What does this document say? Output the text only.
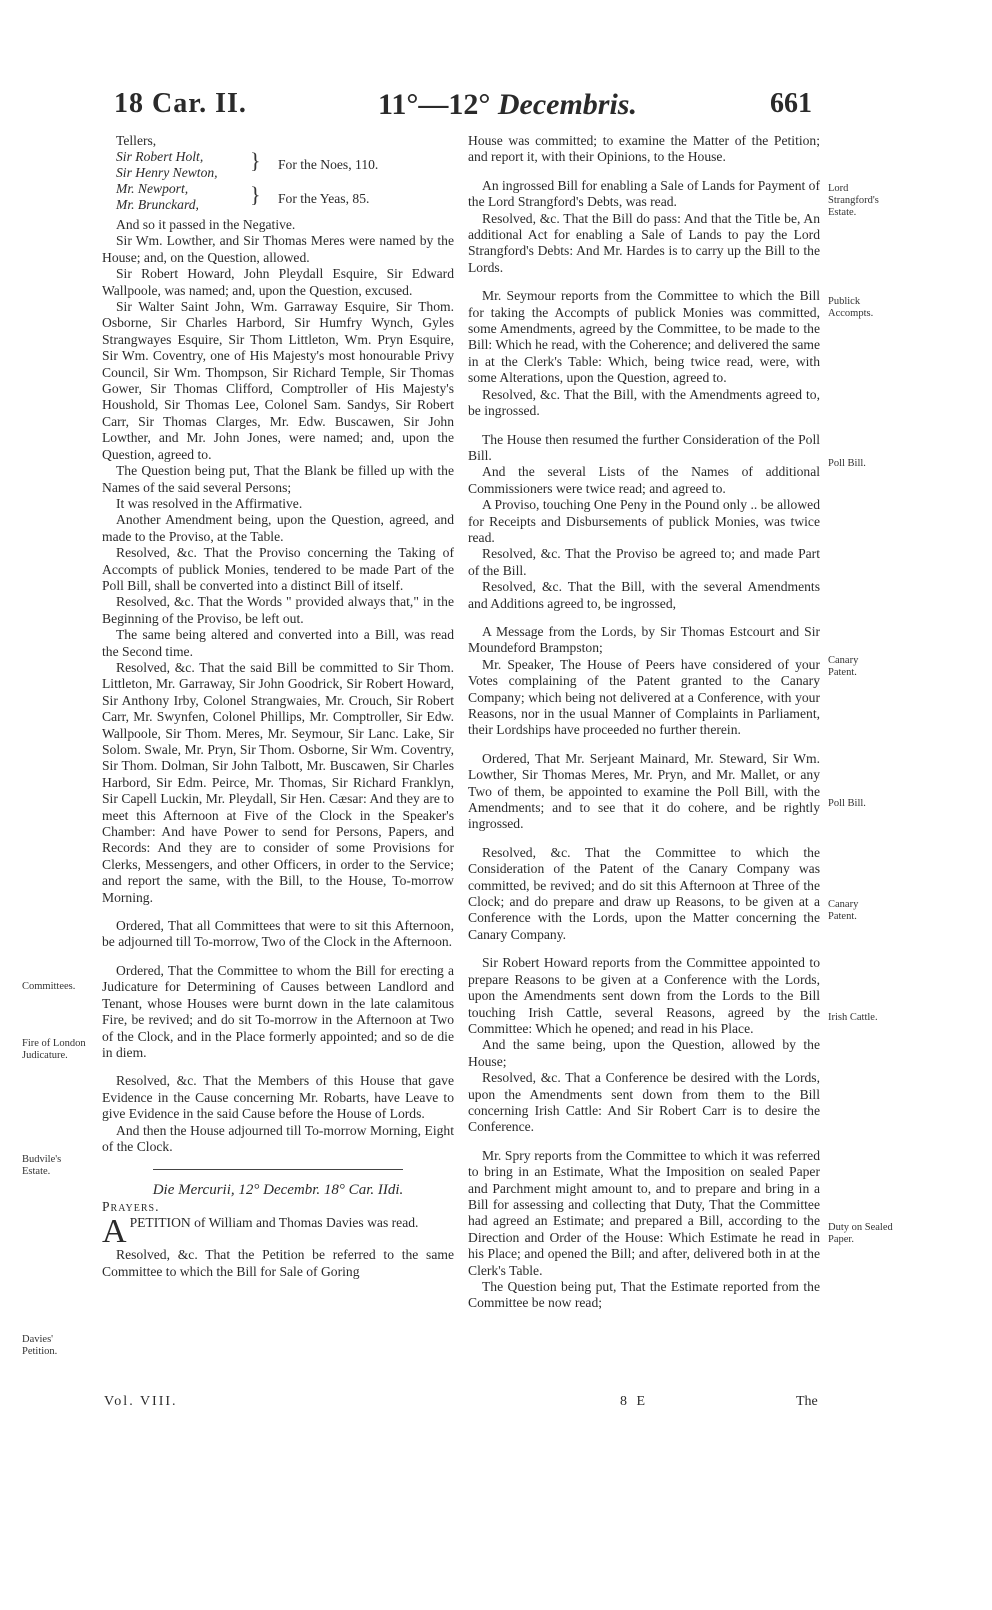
18 Car. II.	11°—12° Decembris.	661
Tellers,
Sir Robert Holt,
Sir Henry Newton, } For the Noes, 110.
Mr. Newport,
Mr. Brunckard, } For the Yeas, 85.

And so it passed in the Negative.

Sir Wm. Lowther, and Sir Thomas Meres were named by the House; and, on the Question, allowed.

Sir Robert Howard, John Pleydall Esquire, Sir Edward Wallpoole, was named; and, upon the Question, excused.

Sir Walter Saint John, Wm. Garraway Esquire, Sir Thom. Osborne, Sir Charles Harbord, Sir Humfry Wynch, Gyles Strangwayes Esquire, Sir Thom Littleton, Wm. Pryn Esquire, Sir Wm. Coventry, one of His Majesty's most honourable Privy Council, Sir Wm. Thompson, Sir Richard Temple, Sir Thomas Gower, Sir Thomas Clifford, Comptroller of His Majesty's Houshold, Sir Thomas Lee, Colonel Sam. Sandys, Sir Robert Carr, Sir Thomas Clarges, Mr. Edw. Buscawen, Sir John Lowther, and Mr. John Jones, were named; and, upon the Question, agreed to.

The Question being put, That the Blank be filled up with the Names of the said several Persons;

It was resolved in the Affirmative.

Another Amendment being, upon the Question, agreed, and made to the Proviso, at the Table.

Resolved, &c. That the Proviso concerning the Taking of Accompts of publick Monies, tendered to be made Part of the Poll Bill, shall be converted into a distinct Bill of itself.

Resolved, &c. That the Words " provided always that," in the Beginning of the Proviso, be left out.

The same being altered and converted into a Bill, was read the Second time.

Resolved, &c. That the said Bill be committed to Sir Thom. Littleton, Mr. Garraway, Sir John Goodrick, Sir Robert Howard, Sir Anthony Irby, Colonel Strangwaies, Mr. Crouch, Sir Robert Carr, Mr. Swynfen, Colonel Phillips, Mr. Comptroller, Sir Edw. Wallpoole, Sir Thom. Meres, Mr. Seymour, Sir Lanc. Lake, Sir Solom. Swale, Mr. Pryn, Sir Thom. Osborne, Sir Wm. Coventry, Sir Thom. Dolman, Sir John Talbott, Mr. Buscawen, Sir Charles Harbord, Sir Edm. Peirce, Mr. Thomas, Sir Richard Franklyn, Sir Capell Luckin, Mr. Pleydall, Sir Hen. Cæsar: And they are to meet this Afternoon at Five of the Clock in the Speaker's Chamber: And have Power to send for Persons, Papers, and Records: And they are to consider of some Provisions for Clerks, Messengers, and other Officers, in order to the Service; and report the same, with the Bill, to the House, To-morrow Morning.

Ordered, That all Committees that were to sit this Afternoon, be adjourned till To-morrow, Two of the Clock in the Afternoon.

Ordered, That the Committee to whom the Bill for erecting a Judicature for Determining of Causes between Landlord and Tenant, whose Houses were burnt down in the late calamitous Fire, be revived; and do sit To-morrow in the Afternoon at Two of the Clock, and in the Place formerly appointed; and so de die in diem.

Resolved, &c. That the Members of this House that gave Evidence in the Cause concerning Mr. Robarts, have Leave to give Evidence in the said Cause before the House of Lords.

And then the House adjourned till To-morrow Morning, Eight of the Clock.

Die Mercurii, 12° Decembr. 18° Car. IIdi.

Prayers.

APETITION of William and Thomas Davies was read.

Resolved, &c. That the Petition be referred to the same Committee to which the Bill for Sale of Goring

House was committed; to examine the Matter of the Petition; and report it, with their Opinions, to the House.

An ingrossed Bill for enabling a Sale of Lands for Payment of the Lord Strangford's Debts, was read.

Resolved, &c. That the Bill do pass: And that the Title be, An additional Act for enabling a Sale of Lands to pay the Lord Strangford's Debts: And Mr. Hardes is to carry up the Bill to the Lords.

Mr. Seymour reports from the Committee to which the Bill for taking the Accompts of publick Monies was committed, some Amendments, agreed by the Committee, to be made to the Bill: Which he read, with the Coherence; and delivered the same in at the Clerk's Table: Which, being twice read, were, with some Alterations, upon the Question, agreed to.

Resolved, &c. That the Bill, with the Amendments agreed to, be ingrossed.

The House then resumed the further Consideration of the Poll Bill.

And the several Lists of the Names of additional Commissioners were twice read; and agreed to.

A Proviso, touching One Peny in the Pound only .. be allowed for Receipts and Disbursements of publick Monies, was twice read.

Resolved, &c. That the Proviso be agreed to; and made Part of the Bill.

Resolved, &c. That the Bill, with the several Amendments and Additions agreed to, be ingrossed,

A Message from the Lords, by Sir Thomas Estcourt and Sir Moundeford Brampston;

Mr. Speaker, The House of Peers have considered of your Votes complaining of the Patent granted to the Canary Company; which being not delivered at a Conference, with your Reasons, nor in the usual Manner of Complaints in Parliament, their Lordships have proceeded no further therein.

Ordered, That Mr. Serjeant Mainard, Mr. Steward, Sir Wm. Lowther, Sir Thomas Meres, Mr. Pryn, and Mr. Mallet, or any Two of them, be appointed to examine the Poll Bill, with the Amendments; and to see that it do cohere, and be rightly ingrossed.

Resolved, &c. That the Committee to which the Consideration of the Patent of the Canary Company was committed, be revived; and do sit this Afternoon at Three of the Clock; and do prepare and draw up Reasons, to be given at a Conference with the Lords, upon the Matter concerning the Canary Company.

Sir Robert Howard reports from the Committee appointed to prepare Reasons to be given at a Conference with the Lords, upon the Amendments sent down from the Lords to the Bill touching Irish Cattle, several Reasons, agreed by the Committee: Which he opened; and read in his Place.

And the same being, upon the Question, allowed by the House;

Resolved, &c. That a Conference be desired with the Lords, upon the Amendments sent down from them to the Bill concerning Irish Cattle: And Sir Robert Carr is to desire the Conference.

Mr. Spry reports from the Committee to which it was referred to bring in an Estimate, What the Imposition on sealed Paper and Parchment might amount to, and to prepare and bring in a Bill for assessing and collecting that Duty, That the Committee had agreed an Estimate; and prepared a Bill, according to the Direction and Order of the House: Which Estimate he read in his Place; and opened the Bill; and after, delivered both in at the Clerk's Table.

The Question being put, That the Estimate reported from the Committee be now read;

Committees.
Fire of London Judicature.
Budvile's Estate.
Davies' Petition.
Lord Strangford's Estate.
Publick Accompts.
Poll Bill.
Canary Patent.
Poll Bill.
Canary Patent.
Irish Cattle.
Duty on Sealed Paper.
Vol. VIII.	8 E	The
